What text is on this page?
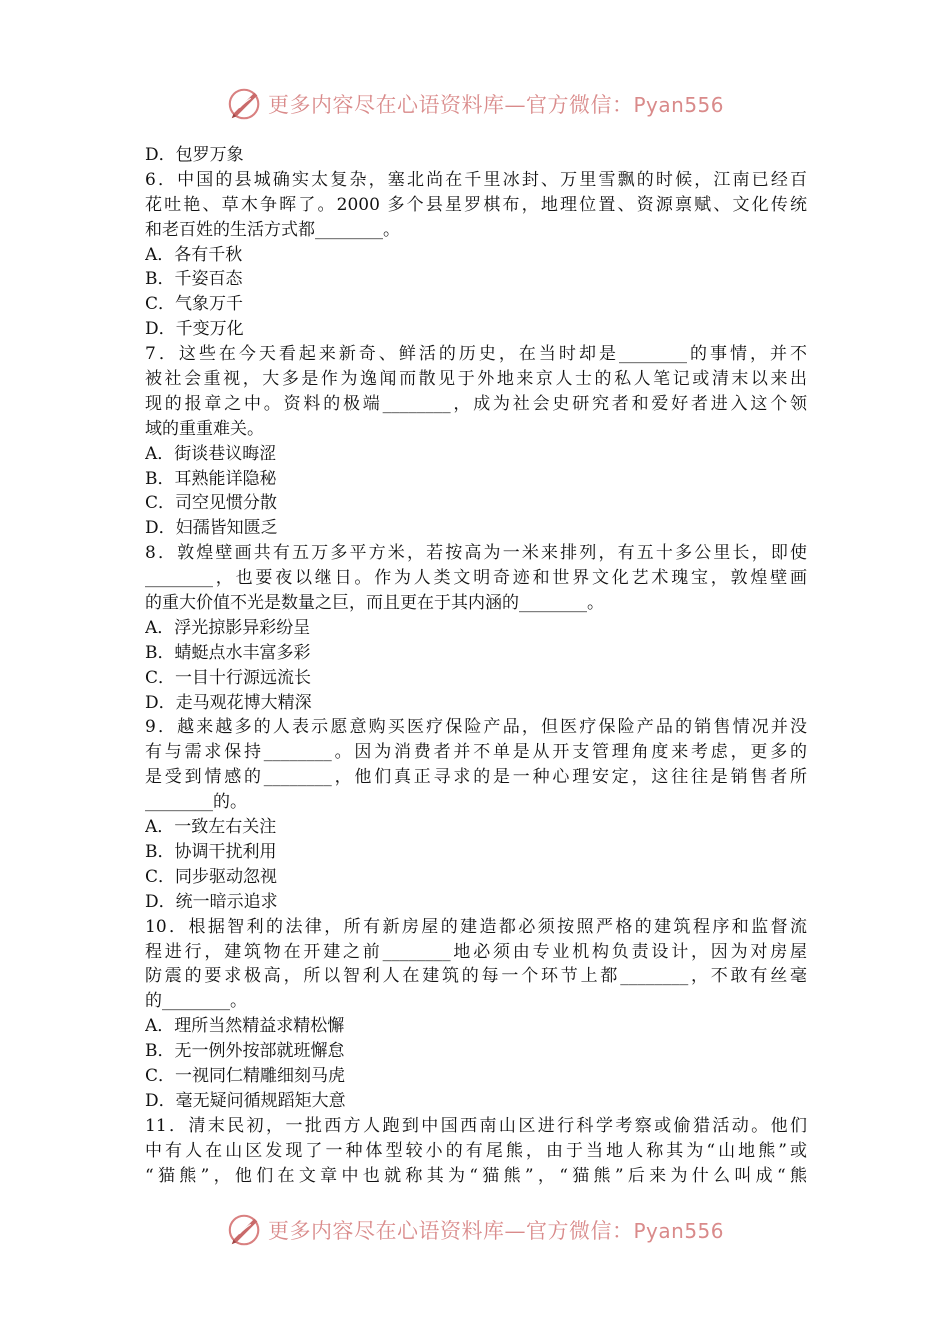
更多内容尽在心语资料库—官方微信：Pyan556
D．包罗万象
6．中国的县城确实太复杂，塞北尚在千里冰封、万里雪飘的时候，江南已经百
花吐艳、草木争晖了。2000 多个县星罗棋布，地理位置、资源禀赋、文化传统
和老百姓的生活方式都________。
A．各有千秋
B．千姿百态
C．气象万千
D．千变万化
7．这些在今天看起来新奇、鲜活的历史，在当时却是________的事情，并不
被社会重视，大多是作为逸闻而散见于外地来京人士的私人笔记或清末以来出
现的报章之中。资料的极端________，成为社会史研究者和爱好者进入这个领
域的重重难关。
A．街谈巷议晦涩
B．耳熟能详隐秘
C．司空见惯分散
D．妇孺皆知匮乏
8．敦煌壁画共有五万多平方米，若按高为一米来排列，有五十多公里长，即使
________，也要夜以继日。作为人类文明奇迹和世界文化艺术瑰宝，敦煌壁画
的重大价值不光是数量之巨，而且更在于其内涵的________。
A．浮光掠影异彩纷呈
B．蜻蜓点水丰富多彩
C．一目十行源远流长
D．走马观花博大精深
9．越来越多的人表示愿意购买医疗保险产品，但医疗保险产品的销售情况并没
有与需求保持________。因为消费者并不单是从开支管理角度来考虑，更多的
是受到情感的________，他们真正寻求的是一种心理安定，这往往是销售者所
________的。
A．一致左右关注
B．协调干扰利用
C．同步驱动忽视
D．统一暗示追求
10．根据智利的法律，所有新房屋的建造都必须按照严格的建筑程序和监督流
程进行，建筑物在开建之前________地必须由专业机构负责设计，因为对房屋
防震的要求极高，所以智利人在建筑的每一个环节上都________，不敢有丝毫
的________。
A．理所当然精益求精松懈
B．无一例外按部就班懈怠
C．一视同仁精雕细刻马虎
D．毫无疑问循规蹈矩大意
11．清末民初，一批西方人跑到中国西南山区进行科学考察或偷猎活动。他们
中有人在山区发现了一种体型较小的有尾熊，由于当地人称其为“山地熊”或
“猫熊”，他们在文章中也就称其为“猫熊”，“猫熊”后来为什么叫成“熊
更多内容尽在心语资料库—官方微信：Pyan556
